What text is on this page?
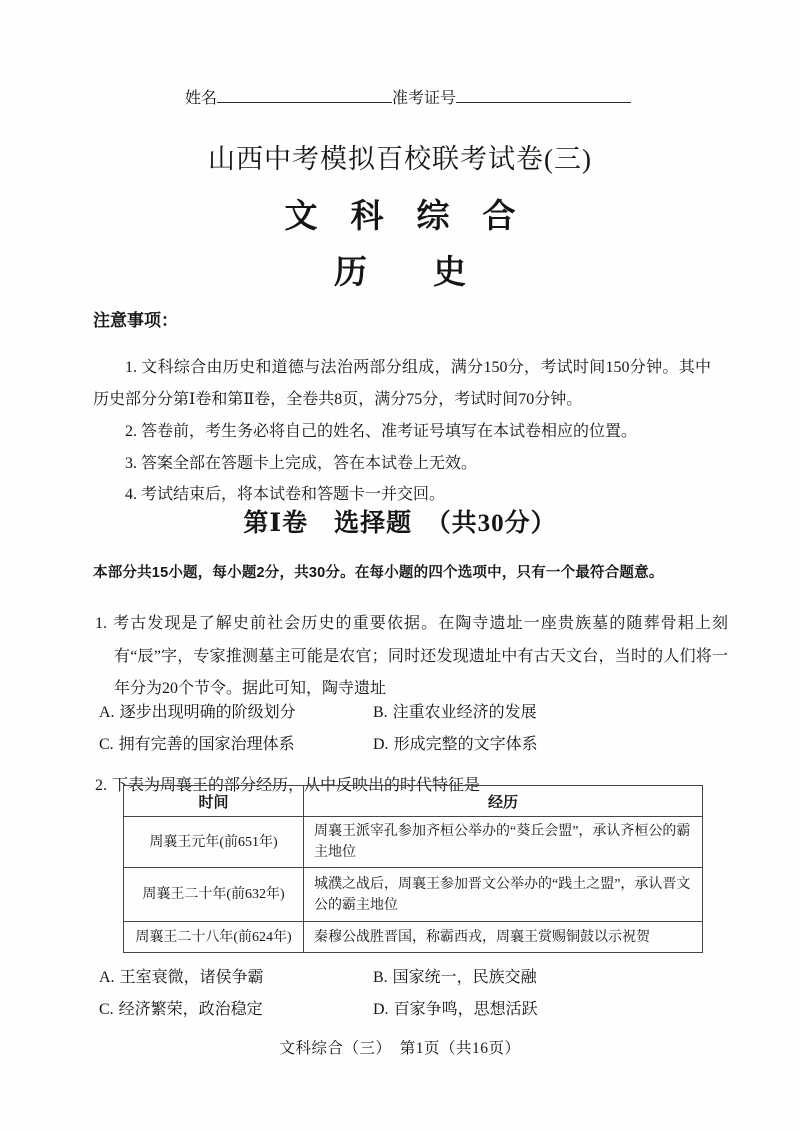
姓名	准考证号
山西中考模拟百校联考试卷(三)
文　科　综　合
历　　史
注意事项：

1. 文科综合由历史和道德与法治两部分组成，满分150分，考试时间150分钟。其中历史部分分第Ⅰ卷和第Ⅱ卷，全卷共8页，满分75分，考试时间70分钟。

2. 答卷前，考生务必将自己的姓名、准考证号填写在本试卷相应的位置。

3. 答案全部在答题卡上完成，答在本试卷上无效。

4. 考试结束后，将本试卷和答题卡一并交回。

第Ⅰ卷　选择题　（共30分）
本部分共15小题，每小题2分，共30分。在每小题的四个选项中，只有一个最符合题意。

1. 考古发现是了解史前社会历史的重要依据。在陶寺遗址一座贵族墓的随葬骨耜上刻有“辰”字，专家推测墓主可能是农官；同时还发现遗址中有古天文台，当时的人们将一年分为20个节令。据此可知，陶寺遗址

A. 逐步出现明确的阶级划分	B. 注重农业经济的发展
C. 拥有完善的国家治理体系	D. 形成完整的文字体系

2. 下表为周襄王的部分经历，从中反映出的时代特征是

时间	经历
周襄王元年(前651年)	周襄王派宰孔参加齐桓公举办的“葵丘会盟”，承认齐桓公的霸主地位
周襄王二十年(前632年)	城濮之战后，周襄王参加晋文公举办的“践土之盟”，承认晋文公的霸主地位
周襄王二十八年(前624年)	秦穆公战胜晋国，称霸西戎，周襄王赏赐铜鼓以示祝贺
A. 王室衰微，诸侯争霸	B. 国家统一，民族交融
C. 经济繁荣，政治稳定	D. 百家争鸣，思想活跃
文科综合（三）　第1页（共16页）
